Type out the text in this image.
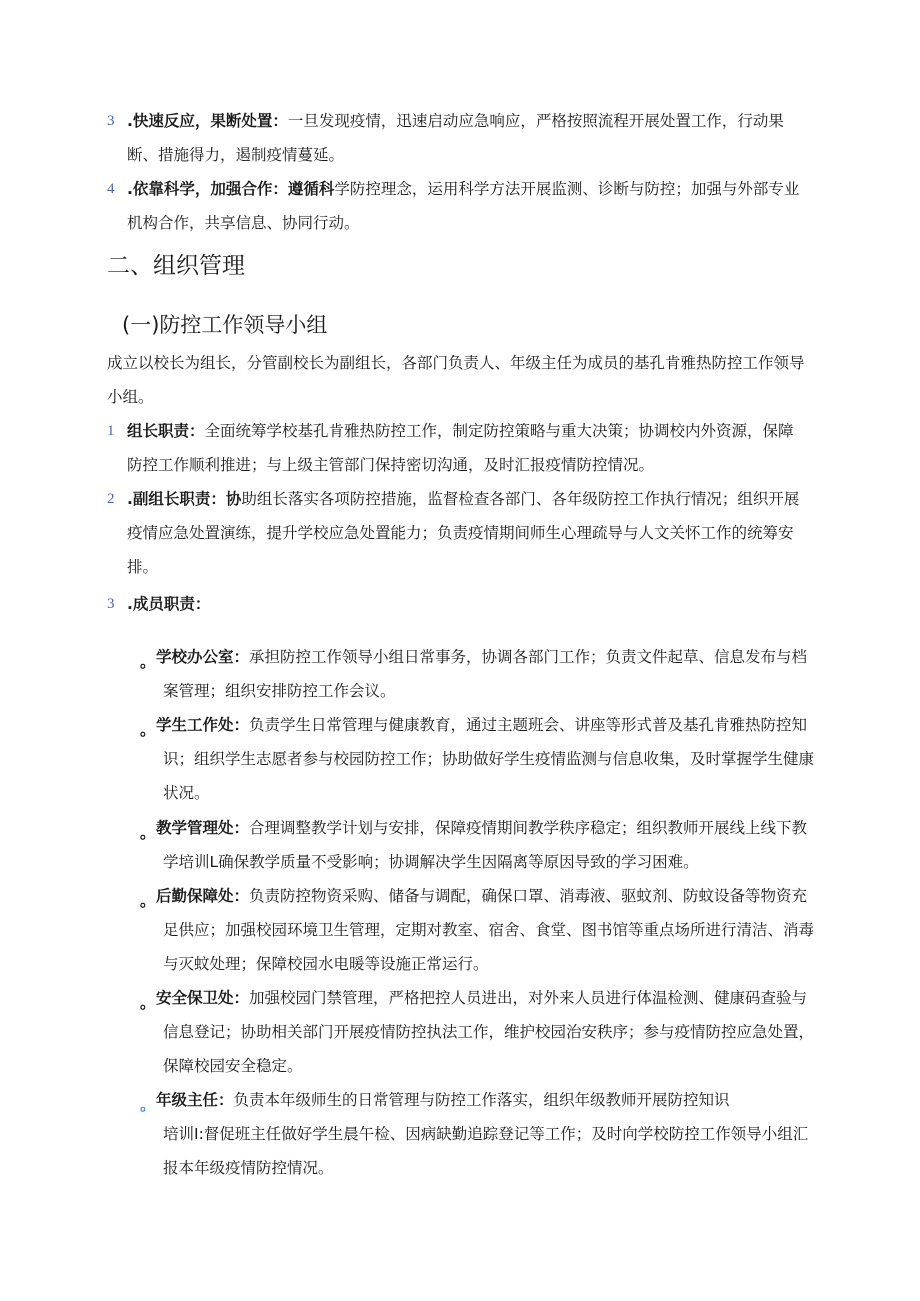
3 .快速反应，果断处置：一旦发现疫情，迅速启动应急响应，严格按照流程开展处置工作，行动果
断、措施得力，遏制疫情蔓延。
4 .依靠科学，加强合作：遵循科学防控理念，运用科学方法开展监测、诊断与防控；加强与外部专业
机构合作，共享信息、协同行动。
二、组织管理
(一)防控工作领导小组
成立以校长为组长，分管副校长为副组长，各部门负责人、年级主任为成员的基孔肯雅热防控工作领导
小组。
1 组长职责：全面统筹学校基孔肯雅热防控工作，制定防控策略与重大决策；协调校内外资源，保障
防控工作顺利推进；与上级主管部门保持密切沟通，及时汇报疫情防控情况。
2 .副组长职责：协助组长落实各项防控措施，监督检查各部门、各年级防控工作执行情况；组织开展
疫情应急处置演练，提升学校应急处置能力；负责疫情期间师生心理疏导与人文关怀工作的统筹安
排。
3 .成员职责：
。 学校办公室：承担防控工作领导小组日常事务，协调各部门工作；负责文件起草、信息发布与档
案管理；组织安排防控工作会议。
。 学生工作处：负责学生日常管理与健康教育，通过主题班会、讲座等形式普及基孔肯雅热防控知
识；组织学生志愿者参与校园防控工作；协助做好学生疫情监测与信息收集，及时掌握学生健康
状况。
。 教学管理处：合理调整教学计划与安排，保障疫情期间教学秩序稳定；组织教师开展线上线下教
学培训L确保教学质量不受影响；协调解决学生因隔离等原因导致的学习困难。
。 后勤保障处：负责防控物资采购、储备与调配，确保口罩、消毒液、驱蚊剂、防蚊设备等物资充
足供应；加强校园环境卫生管理，定期对教室、宿舍、食堂、图书馆等重点场所进行清洁、消毒
与灭蚊处理；保障校园水电暖等设施正常运行。
。 安全保卫处：加强校园门禁管理，严格把控人员进出，对外来人员进行体温检测、健康码查验与
信息登记；协助相关部门开展疫情防控执法工作，维护校园治安秩序；参与疫情防控应急处置，
保障校园安全稳定。
。 年级主任：负责本年级师生的日常管理与防控工作落实，组织年级教师开展防控知识
培训I:督促班主任做好学生晨午检、因病缺勤追踪登记等工作；及时向学校防控工作领导小组汇
报本年级疫情防控情况。
